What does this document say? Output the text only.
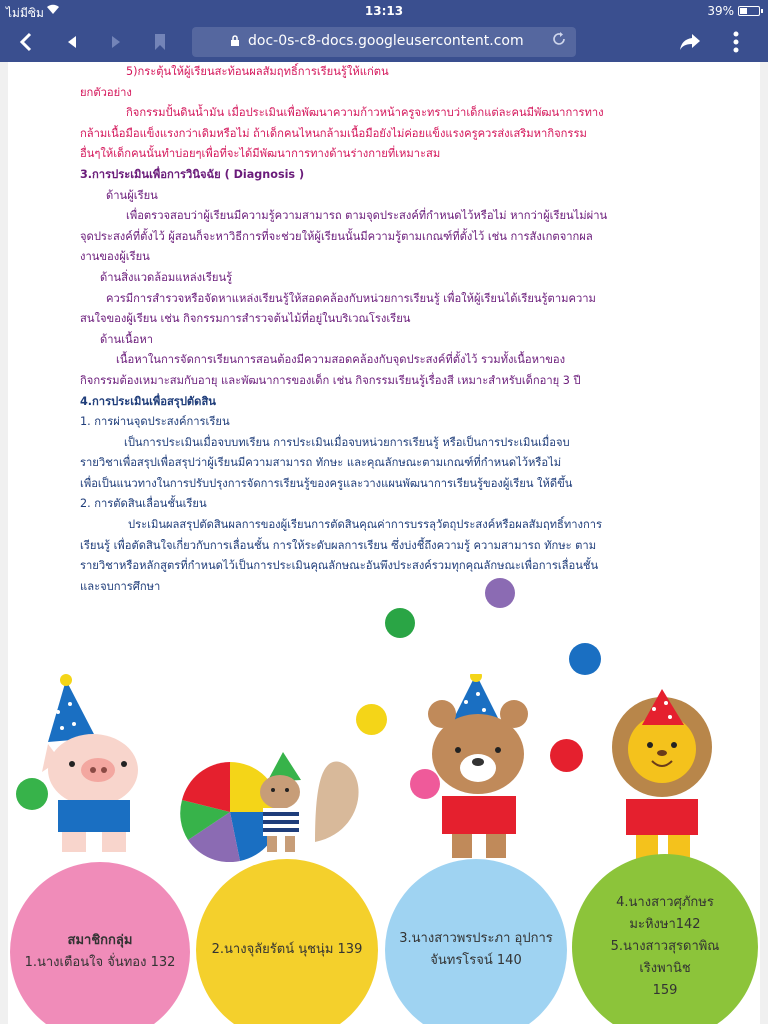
ไม่มีซิม	13:13	39%
doc-0s-c8-docs.googleusercontent.com

5)กระตุ้นให้ผู้เรียนสะท้อนผลสัมฤทธิ์การเรียนรู้ให้แก่ตน

ยกตัวอย่าง

กิจกรรมปั้นดินน้ำมัน เมื่อประเมินเพื่อพัฒนาความก้าวหน้าครูจะทราบว่าเด็กแต่ละคนมีพัฒนาการทาง

กล้ามเนื้อมือแข็งแรงกว่าเดิมหรือไม่ ถ้าเด็กคนไหนกล้ามเนื้อมือยังไม่ค่อยแข็งแรงครูควรส่งเสริมหากิจกรรม

อื่นๆให้เด็กคนนั้นทำบ่อยๆเพื่อที่จะได้มีพัฒนาการทางด้านร่างกายที่เหมาะสม

3.การประเมินเพื่อการวินิจฉัย ( Diagnosis )

ด้านผู้เรียน

เพื่อตรวจสอบว่าผู้เรียนมีความรู้ความสามารถ ตามจุดประสงค์ที่กำหนดไว้หรือไม่ หากว่าผู้เรียนไม่ผ่าน

จุดประสงค์ที่ตั้งไว้ ผู้สอนก็จะหาวิธีการที่จะช่วยให้ผู้เรียนนั้นมีความรู้ตามเกณฑ์ที่ตั้งไว้ เช่น การสังเกตจากผล

งานของผู้เรียน

ด้านสิ่งแวดล้อมแหล่งเรียนรู้

ควรมีการสำรวจหรือจัดหาแหล่งเรียนรู้ให้สอดคล้องกับหน่วยการเรียนรู้ เพื่อให้ผู้เรียนได้เรียนรู้ตามความ

สนใจของผู้เรียน เช่น กิจกรรมการสำรวจต้นไม้ที่อยู่ในบริเวณโรงเรียน

ด้านเนื้อหา

เนื้อหาในการจัดการเรียนการสอนต้องมีความสอดคล้องกับจุดประสงค์ที่ตั้งไว้ รวมทั้งเนื้อหาของ

กิจกรรมต้องเหมาะสมกับอายุ และพัฒนาการของเด็ก เช่น กิจกรรมเรียนรู้เรื่องสี เหมาะสำหรับเด็กอายุ 3 ปี

4.การประเมินเพื่อสรุปตัดสิน

1. การผ่านจุดประสงค์การเรียน

เป็นการประเมินเมื่อจบบทเรียน การประเมินเมื่อจบหน่วยการเรียนรู้ หรือเป็นการประเมินเมื่อจบ

รายวิชาเพื่อสรุปเพื่อสรุปว่าผู้เรียนมีความสามารถ ทักษะ และคุณลักษณะตามเกณฑ์ที่กำหนดไว้หรือไม่

เพื่อเป็นแนวทางในการปรับปรุงการจัดการเรียนรู้ของครูและวางแผนพัฒนาการเรียนรู้ของผู้เรียน ให้ดีขึ้น

2. การตัดสินเลื่อนชั้นเรียน

ประเมินผลสรุปตัดสินผลการของผู้เรียนการตัดสินคุณค่าการบรรลุวัตถุประสงค์หรือผลสัมฤทธิ์ทางการ

เรียนรู้ เพื่อตัดสินใจเกี่ยวกับการเลื่อนชั้น การให้ระดับผลการเรียน ซึ่งบ่งชี้ถึงความรู้ ความสามารถ ทักษะ ตาม

รายวิชาหรือหลักสูตรที่กำหนดไว้เป็นการประเมินคุณลักษณะอันพึงประสงค์รวมทุกคุณลักษณะเพื่อการเลื่อนชั้น

และจบการศึกษา

สมาชิกกลุ่ม
1.นางเตือนใจ จั่นทอง 132
2.นางจุลัยรัตน์ นุชนุ่ม 139
3.นางสาวพรประภา อุปการ
จันทรโรจน์ 140
4.นางสาวศุภักษร
มะหิงษา142
5.นางสาวสุรดาพิณ
เริงพานิช
159
